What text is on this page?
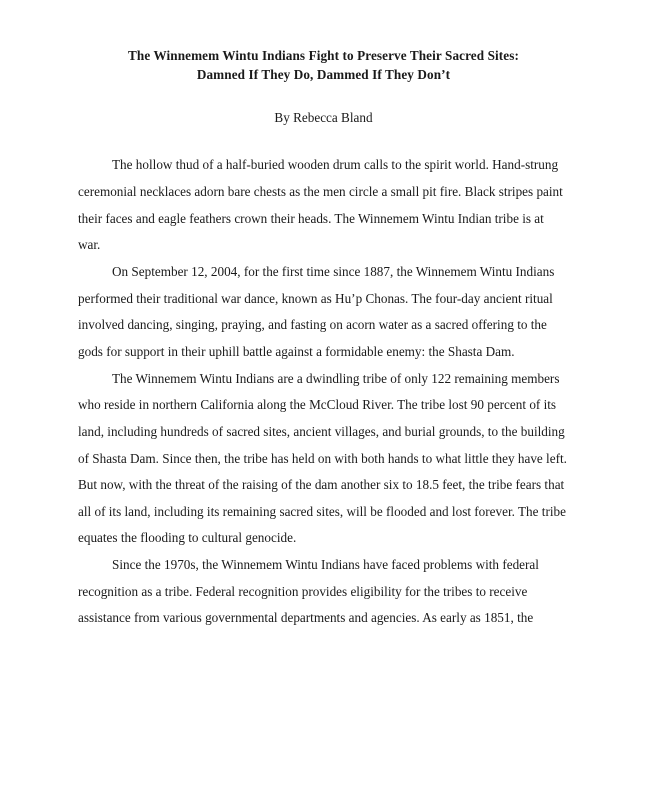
The Winnemem Wintu Indians Fight to Preserve Their Sacred Sites:
Damned If They Do, Dammed If They Don’t
By Rebecca Bland

The hollow thud of a half-buried wooden drum calls to the spirit world. Hand-strung ceremonial necklaces adorn bare chests as the men circle a small pit fire. Black stripes paint their faces and eagle feathers crown their heads. The Winnemem Wintu Indian tribe is at war.

On September 12, 2004, for the first time since 1887, the Winnemem Wintu Indians performed their traditional war dance, known as Hu’p Chonas. The four-day ancient ritual involved dancing, singing, praying, and fasting on acorn water as a sacred offering to the gods for support in their uphill battle against a formidable enemy: the Shasta Dam.

The Winnemem Wintu Indians are a dwindling tribe of only 122 remaining members who reside in northern California along the McCloud River. The tribe lost 90 percent of its land, including hundreds of sacred sites, ancient villages, and burial grounds, to the building of Shasta Dam. Since then, the tribe has held on with both hands to what little they have left. But now, with the threat of the raising of the dam another six to 18.5 feet, the tribe fears that all of its land, including its remaining sacred sites, will be flooded and lost forever. The tribe equates the flooding to cultural genocide.

Since the 1970s, the Winnemem Wintu Indians have faced problems with federal recognition as a tribe. Federal recognition provides eligibility for the tribes to receive assistance from various governmental departments and agencies. As early as 1851, the
